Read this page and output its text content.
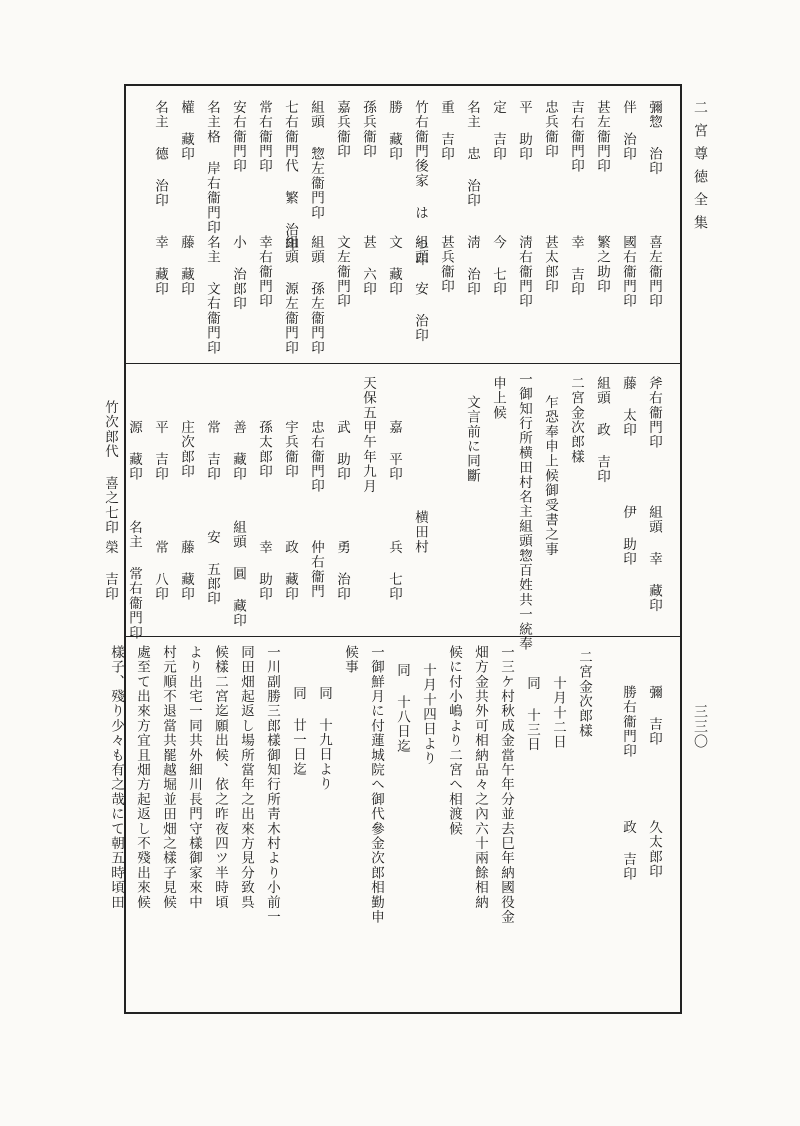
二宮尊徳全集
三三〇
彌惣 治印
喜左衞門印
伴 治印
國右衞門印
甚左衞門印
繁之助印
吉右衞門印
幸 吉印
忠兵衞印
甚太郎印
平 助印
淸右衞門印
定 吉印
今 七印
名主 忠 治印
淸 治印
重 吉印
甚兵衞印
竹右衞門後家 は つ印
組頭 安 治印
勝 藏印
文 藏印
孫兵衞印
甚 六印
嘉兵衞印
文左衞門印
組頭 惣左衞門印
組頭 孫左衞門印
七右衞門代 繁 治印
組頭 源左衞門印
常右衞門印
幸右衞門印
安右衞門印
小 治郎印
名主格 岸右衞門印
名主 文右衞門印
權 藏印
藤 藏印
名主 德 治印
幸 藏印
斧右衞門印
組頭 幸 藏印
藤 太印
伊 助印
組頭 政 吉印
二宮金次郎樣
乍恐奉申上候御受書之事
一御知行所横田村名主組頭惣百姓共一統奉
申上候
文言前に同斷
横田村
嘉 平印
兵 七印
天保五甲午年九月
武 助印
勇 治印
忠右衞門印
仲右衞門
宇兵衞印
政 藏印
孫太郎印
幸 助印
善 藏印
組頭 圓 藏印
常 吉印
安 五郎印
庄次郎印
藤 藏印
平 吉印
常 八印
源 藏印
名主 常右衞門印
竹次郎代 喜之七印
榮 吉印
彌 吉印
久太郎印
勝右衞門印
政 吉印
二宮金次郎樣
十月十二日
同 十三日
一三ケ村秋成金當午年分並去巳年納國役金
畑方金共外可相納品々之內六十兩餘相納
候に付小嶋より二宮へ相渡候
十月十四日より
同 十八日迄
一御鮮月に付蓮城院へ御代參金次郎相勤申
候事
同 十九日より
同 廿一日迄
一川副勝三郎樣御知行所靑木村より小前一
同田畑起返し場所當年之出來方見分致呉
候樣二宮迄願出候、依之昨夜四ツ半時頃
より出宅一同共外細川長門守樣御家來中
村元順不退當共罷越堀並田畑之樣子見候
處至て出來方宜且畑方起返し不殘出來候
樣子、殘り少々も有之哉にて朝五時頃田
